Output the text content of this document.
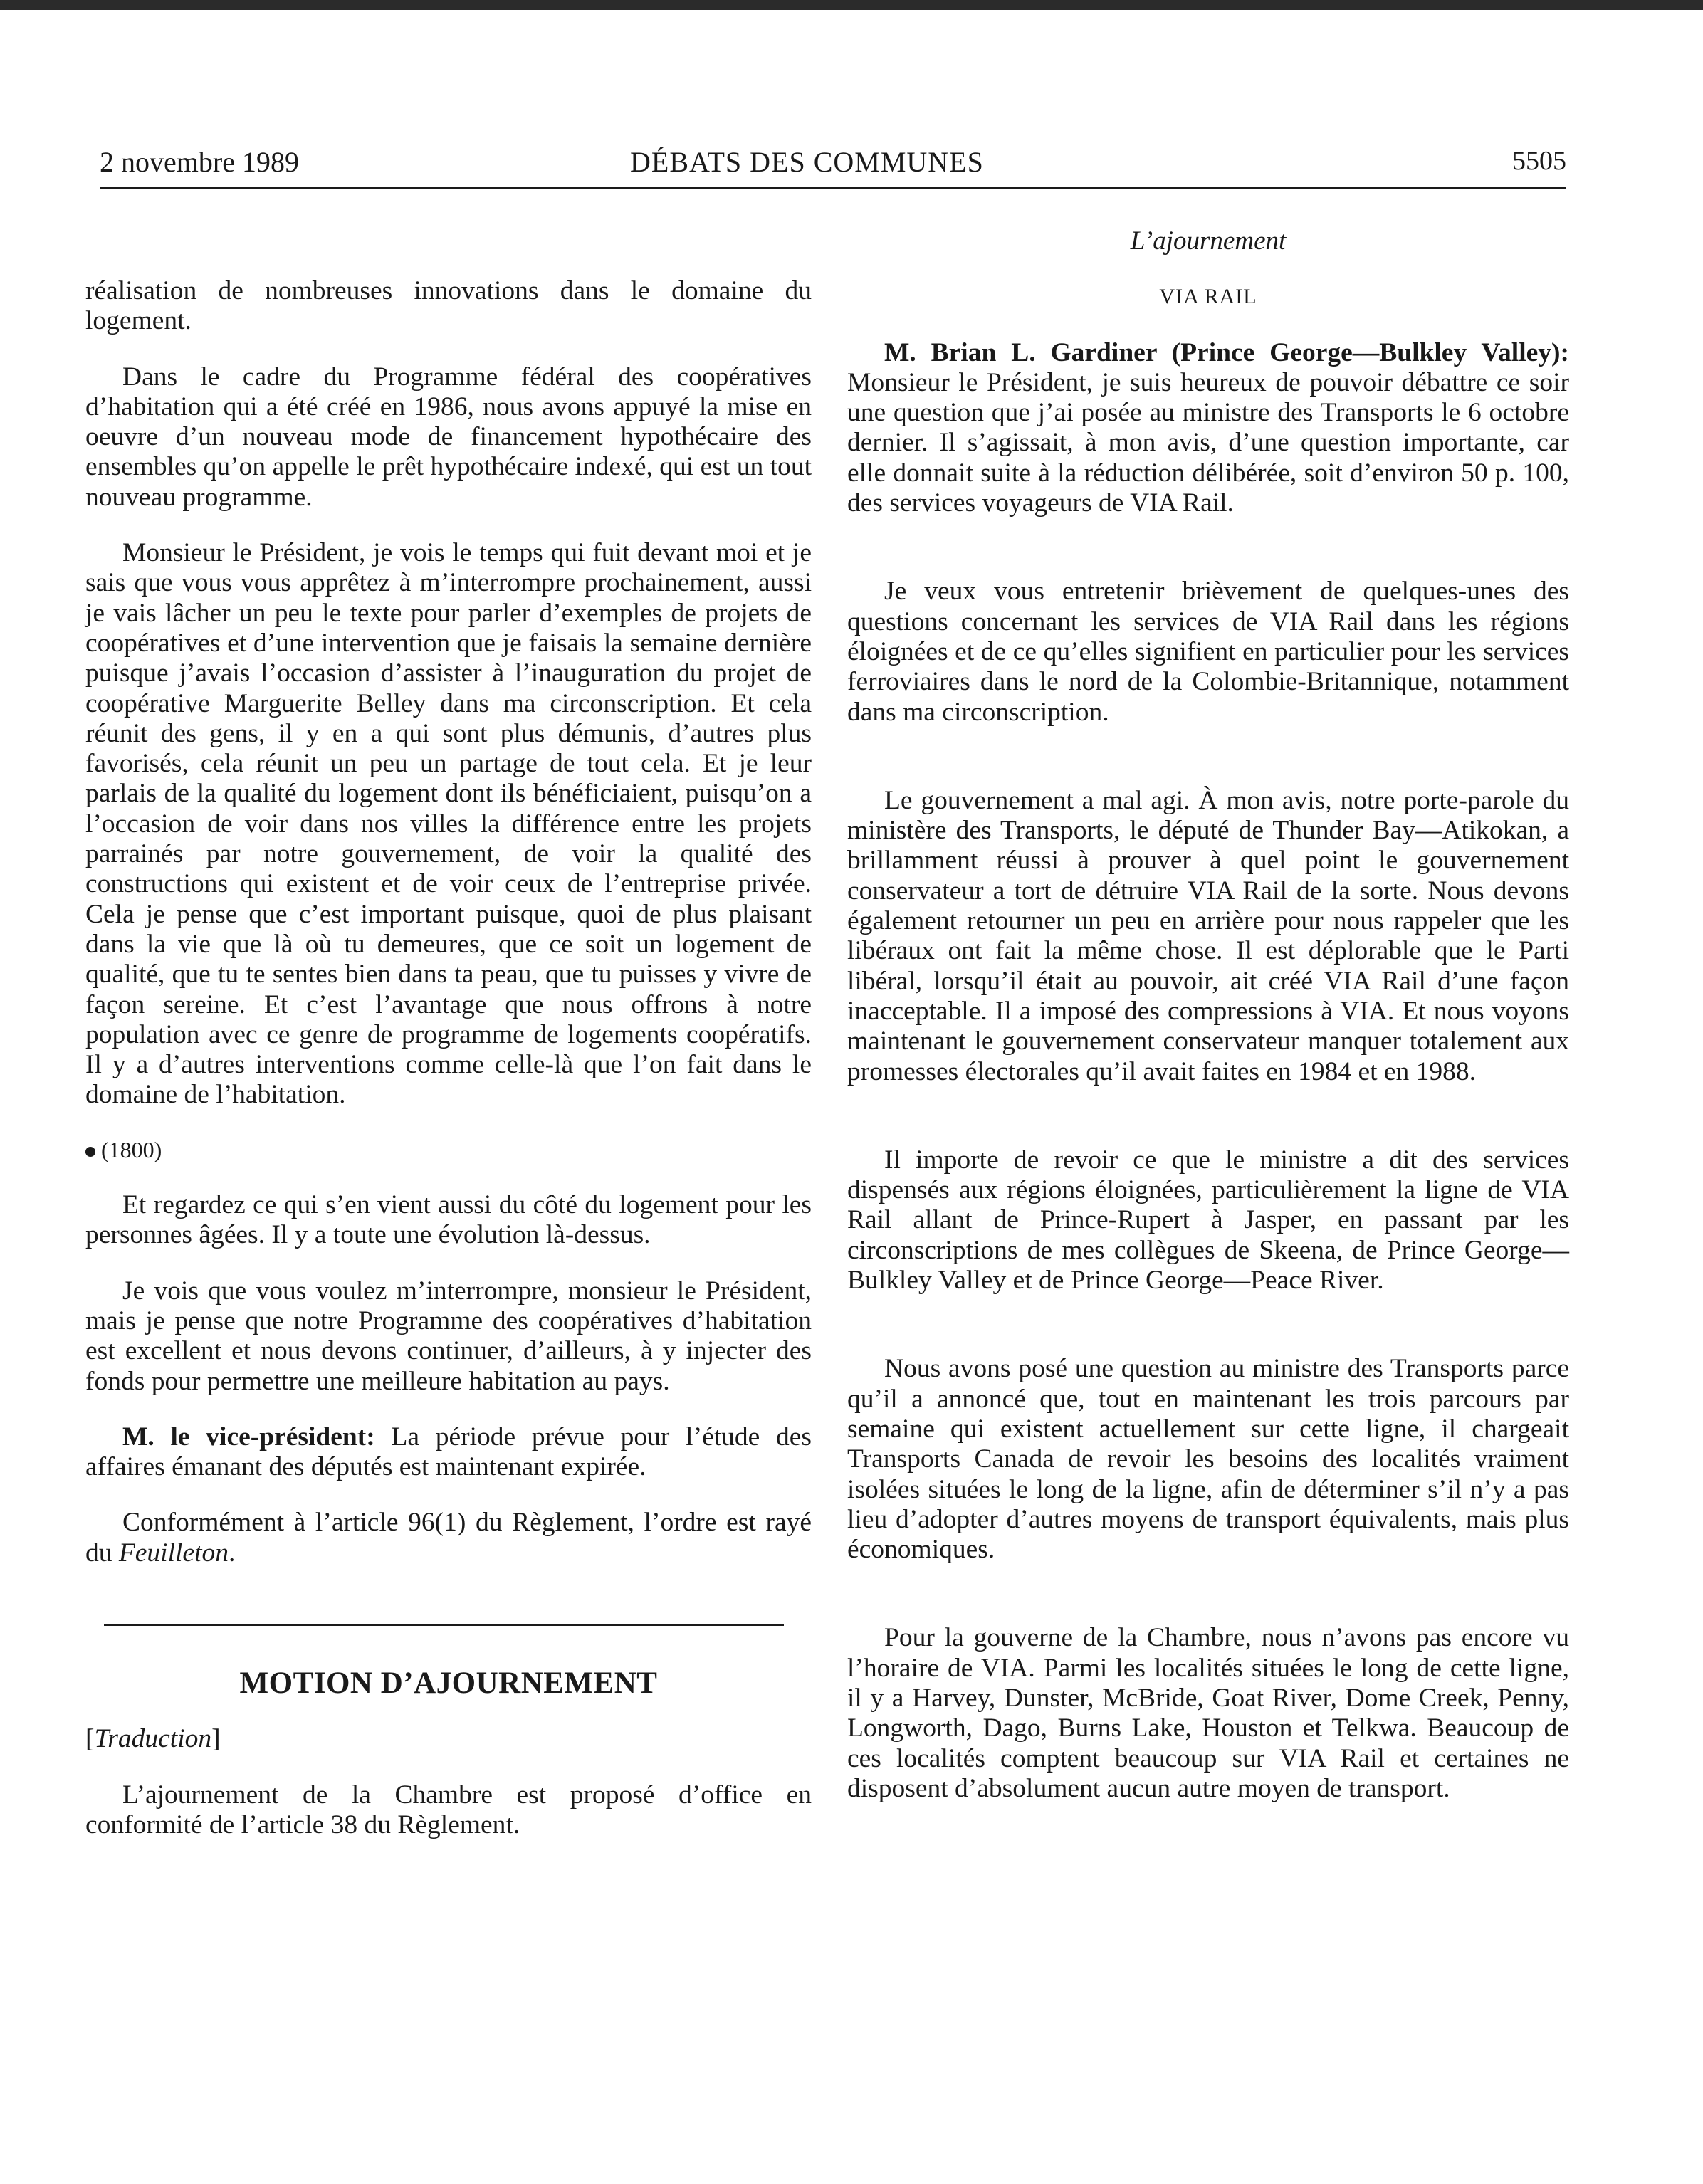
2 novembre 1989	DÉBATS DES COMMUNES	5505

réalisation de nombreuses innovations dans le domaine du logement.

Dans le cadre du Programme fédéral des coopératives d’habitation qui a été créé en 1986, nous avons appuyé la mise en oeuvre d’un nouveau mode de financement hypothécaire des ensembles qu’on appelle le prêt hypothécaire indexé, qui est un tout nouveau programme.

Monsieur le Président, je vois le temps qui fuit devant moi et je sais que vous vous apprêtez à m’interrompre prochainement, aussi je vais lâcher un peu le texte pour parler d’exemples de projets de coopératives et d’une intervention que je faisais la semaine dernière puisque j’avais l’occasion d’assister à l’inauguration du projet de coopérative Marguerite Belley dans ma circonscription. Et cela réunit des gens, il y en a qui sont plus démunis, d’autres plus favorisés, cela réunit un peu un partage de tout cela. Et je leur parlais de la qualité du logement dont ils bénéficiaient, puisqu’on a l’occasion de voir dans nos villes la différence entre les projets parrainés par notre gouvernement, de voir la qualité des constructions qui existent et de voir ceux de l’entreprise privée. Cela je pense que c’est important puisque, quoi de plus plaisant dans la vie que là où tu demeures, que ce soit un logement de qualité, que tu te sentes bien dans ta peau, que tu puisses y vivre de façon sereine. Et c’est l’avantage que nous offrons à notre population avec ce genre de programme de logements coopératifs. Il y a d’autres interventions comme celle-là que l’on fait dans le domaine de l’habitation.

(1800)

Et regardez ce qui s’en vient aussi du côté du logement pour les personnes âgées. Il y a toute une évolution là-dessus.

Je vois que vous voulez m’interrompre, monsieur le Président, mais je pense que notre Programme des coopératives d’habitation est excellent et nous devons continuer, d’ailleurs, à y injecter des fonds pour permettre une meilleure habitation au pays.

M. le vice-président: La période prévue pour l’étude des affaires émanant des députés est maintenant expirée.

Conformément à l’article 96(1) du Règlement, l’ordre est rayé du Feuilleton.

MOTION D’AJOURNEMENT

[Traduction]

L’ajournement de la Chambre est proposé d’office en conformité de l’article 38 du Règlement.

L’ajournement

VIA RAIL

M. Brian L. Gardiner (Prince George—Bulkley Valley): Monsieur le Président, je suis heureux de pouvoir débattre ce soir une question que j’ai posée au ministre des Transports le 6 octobre dernier. Il s’agissait, à mon avis, d’une question importante, car elle donnait suite à la réduction délibérée, soit d’environ 50 p. 100, des services voyageurs de VIA Rail.

Je veux vous entretenir brièvement de quelques-unes des questions concernant les services de VIA Rail dans les régions éloignées et de ce qu’elles signifient en particulier pour les services ferroviaires dans le nord de la Colombie-Britannique, notamment dans ma circonscription.

Le gouvernement a mal agi. À mon avis, notre porte-parole du ministère des Transports, le député de Thunder Bay—Atikokan, a brillamment réussi à prouver à quel point le gouvernement conservateur a tort de détruire VIA Rail de la sorte. Nous devons également retourner un peu en arrière pour nous rappeler que les libéraux ont fait la même chose. Il est déplorable que le Parti libéral, lorsqu’il était au pouvoir, ait créé VIA Rail d’une façon inacceptable. Il a imposé des compressions à VIA. Et nous voyons maintenant le gouvernement conservateur manquer totalement aux promesses électorales qu’il avait faites en 1984 et en 1988.

Il importe de revoir ce que le ministre a dit des services dispensés aux régions éloignées, particulièrement la ligne de VIA Rail allant de Prince-Rupert à Jasper, en passant par les circonscriptions de mes collègues de Skeena, de Prince George—Bulkley Valley et de Prince George—Peace River.

Nous avons posé une question au ministre des Transports parce qu’il a annoncé que, tout en maintenant les trois parcours par semaine qui existent actuellement sur cette ligne, il chargeait Transports Canada de revoir les besoins des localités vraiment isolées situées le long de la ligne, afin de déterminer s’il n’y a pas lieu d’adopter d’autres moyens de transport équivalents, mais plus économiques.

Pour la gouverne de la Chambre, nous n’avons pas encore vu l’horaire de VIA. Parmi les localités situées le long de cette ligne, il y a Harvey, Dunster, McBride, Goat River, Dome Creek, Penny, Longworth, Dago, Burns Lake, Houston et Telkwa. Beaucoup de ces localités comptent beaucoup sur VIA Rail et certaines ne disposent d’absolument aucun autre moyen de transport.
